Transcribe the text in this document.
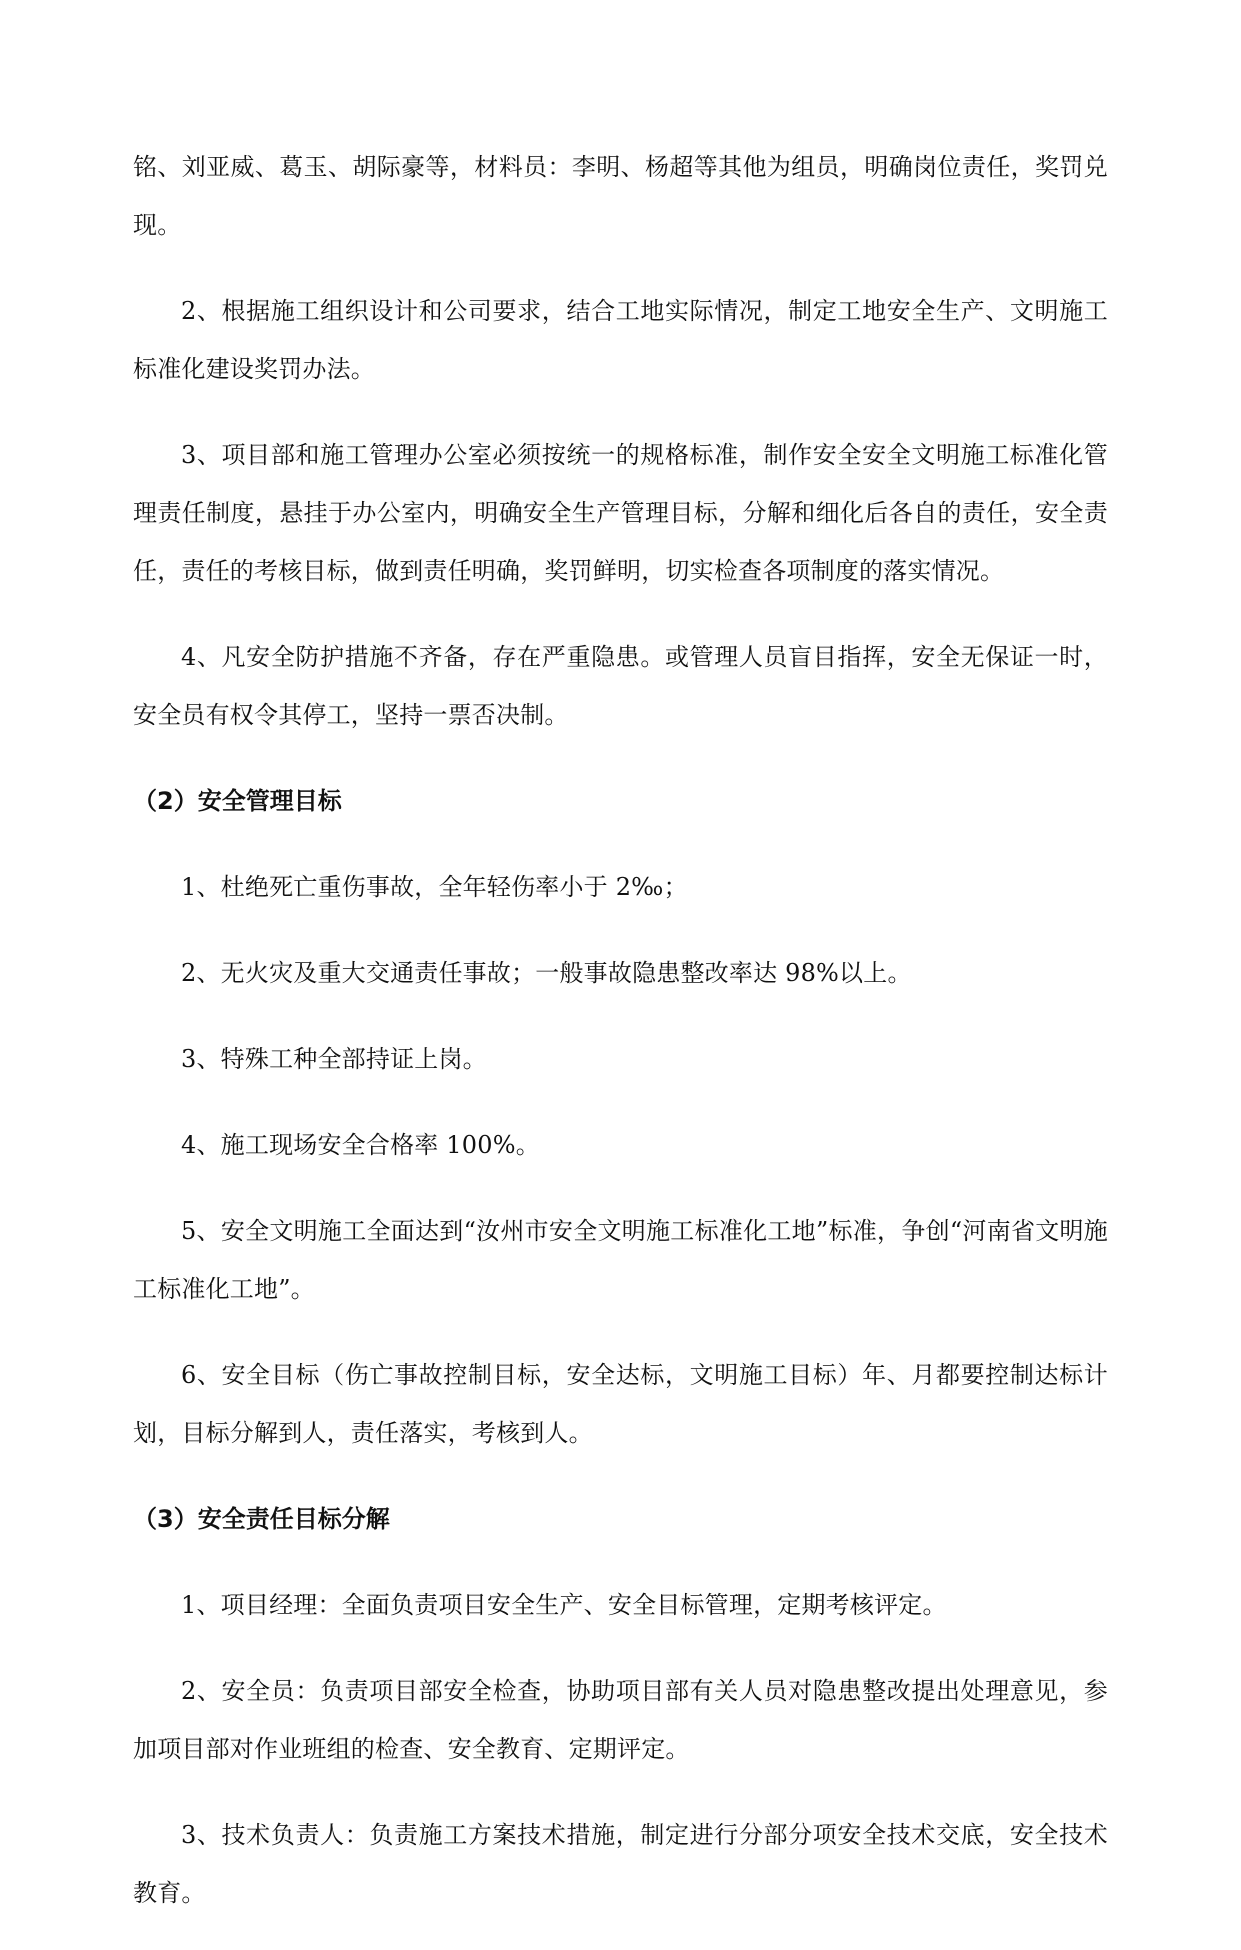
铭、刘亚威、葛玉、胡际豪等，材料员：李明、杨超等其他为组员，明确岗位责任，奖罚兑现。

2、根据施工组织设计和公司要求，结合工地实际情况，制定工地安全生产、文明施工标准化建设奖罚办法。

3、项目部和施工管理办公室必须按统一的规格标准，制作安全安全文明施工标准化管理责任制度，悬挂于办公室内，明确安全生产管理目标，分解和细化后各自的责任，安全责任，责任的考核目标，做到责任明确，奖罚鲜明，切实检查各项制度的落实情况。

4、凡安全防护措施不齐备，存在严重隐患。或管理人员盲目指挥，安全无保证一时，安全员有权令其停工，坚持一票否决制。

（2）安全管理目标

1、杜绝死亡重伤事故，全年轻伤率小于 2‰；

2、无火灾及重大交通责任事故；一般事故隐患整改率达 98%以上。

3、特殊工种全部持证上岗。

4、施工现场安全合格率 100%。

5、安全文明施工全面达到“汝州市安全文明施工标准化工地”标准，争创“河南省文明施工标准化工地”。

6、安全目标（伤亡事故控制目标，安全达标，文明施工目标）年、月都要控制达标计划，目标分解到人，责任落实，考核到人。

（3）安全责任目标分解

1、项目经理：全面负责项目安全生产、安全目标管理，定期考核评定。

2、安全员：负责项目部安全检查，协助项目部有关人员对隐患整改提出处理意见，参加项目部对作业班组的检查、安全教育、定期评定。

3、技术负责人：负责施工方案技术措施，制定进行分部分项安全技术交底，安全技术教育。
